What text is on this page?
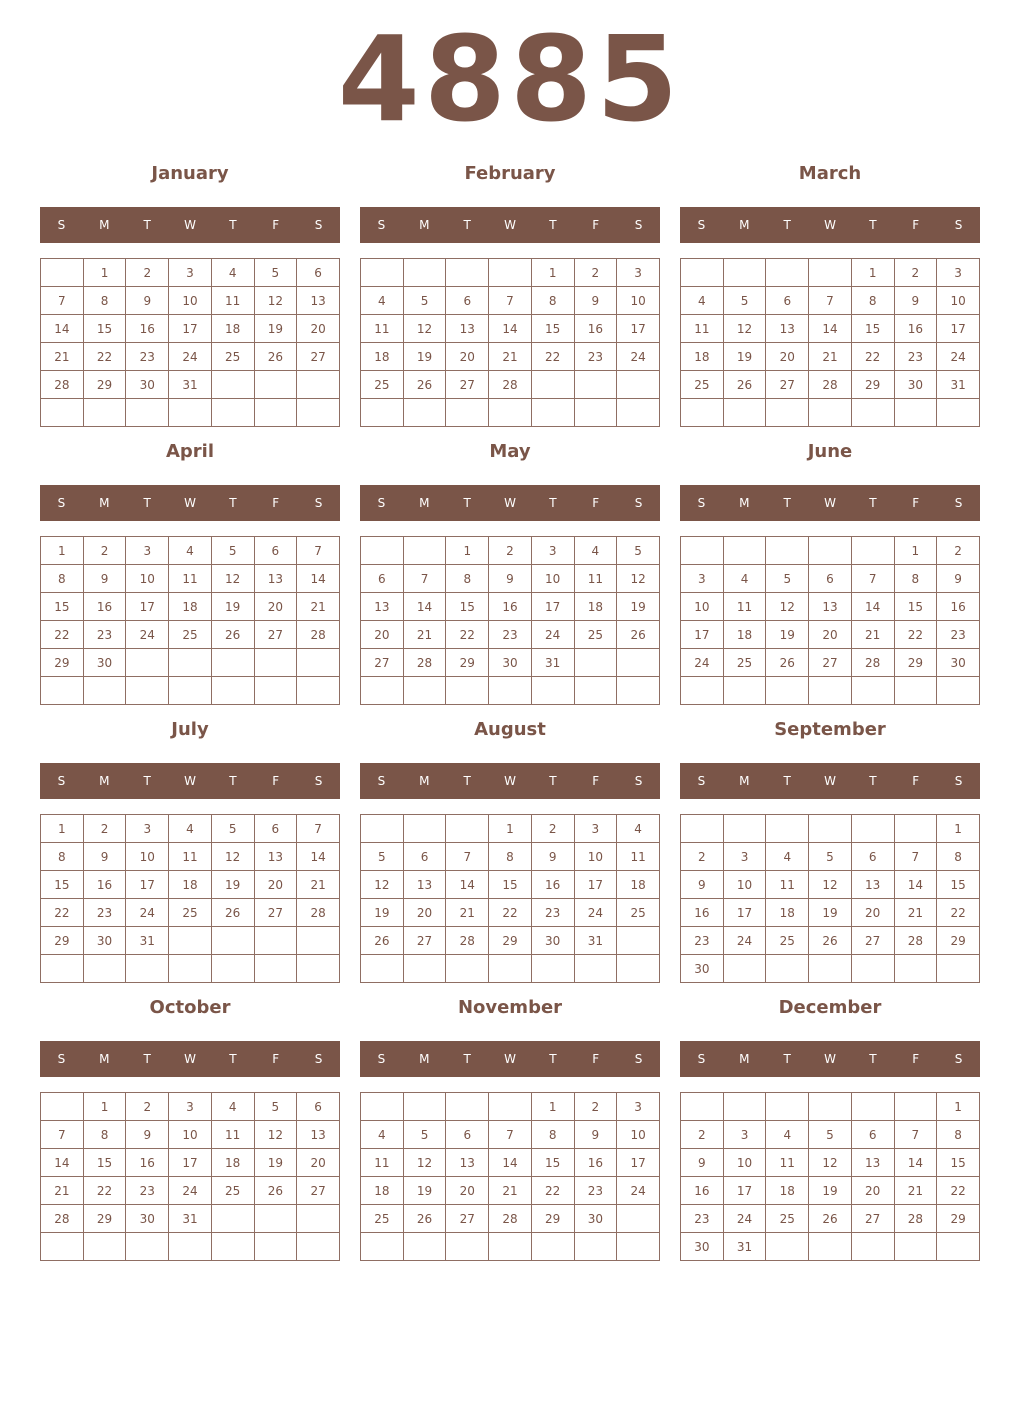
4885
January
S	M	T	W	T	F	S
	1	2	3	4	5	6
7	8	9	10	11	12	13
14	15	16	17	18	19	20
21	22	23	24	25	26	27
28	29	30	31			

February
S	M	T	W	T	F	S
				1	2	3
4	5	6	7	8	9	10
11	12	13	14	15	16	17
18	19	20	21	22	23	24
25	26	27	28			

March
S	M	T	W	T	F	S
				1	2	3
4	5	6	7	8	9	10
11	12	13	14	15	16	17
18	19	20	21	22	23	24
25	26	27	28	29	30	31

April
S	M	T	W	T	F	S
1	2	3	4	5	6	7
8	9	10	11	12	13	14
15	16	17	18	19	20	21
22	23	24	25	26	27	28
29	30					

May
S	M	T	W	T	F	S
		1	2	3	4	5
6	7	8	9	10	11	12
13	14	15	16	17	18	19
20	21	22	23	24	25	26
27	28	29	30	31		

June
S	M	T	W	T	F	S
					1	2
3	4	5	6	7	8	9
10	11	12	13	14	15	16
17	18	19	20	21	22	23
24	25	26	27	28	29	30

July
S	M	T	W	T	F	S
1	2	3	4	5	6	7
8	9	10	11	12	13	14
15	16	17	18	19	20	21
22	23	24	25	26	27	28
29	30	31				

August
S	M	T	W	T	F	S
			1	2	3	4
5	6	7	8	9	10	11
12	13	14	15	16	17	18
19	20	21	22	23	24	25
26	27	28	29	30	31	

September
S	M	T	W	T	F	S
						1
2	3	4	5	6	7	8
9	10	11	12	13	14	15
16	17	18	19	20	21	22
23	24	25	26	27	28	29
30						
October
S	M	T	W	T	F	S
	1	2	3	4	5	6
7	8	9	10	11	12	13
14	15	16	17	18	19	20
21	22	23	24	25	26	27
28	29	30	31			

November
S	M	T	W	T	F	S
				1	2	3
4	5	6	7	8	9	10
11	12	13	14	15	16	17
18	19	20	21	22	23	24
25	26	27	28	29	30	

December
S	M	T	W	T	F	S
						1
2	3	4	5	6	7	8
9	10	11	12	13	14	15
16	17	18	19	20	21	22
23	24	25	26	27	28	29
30	31					
